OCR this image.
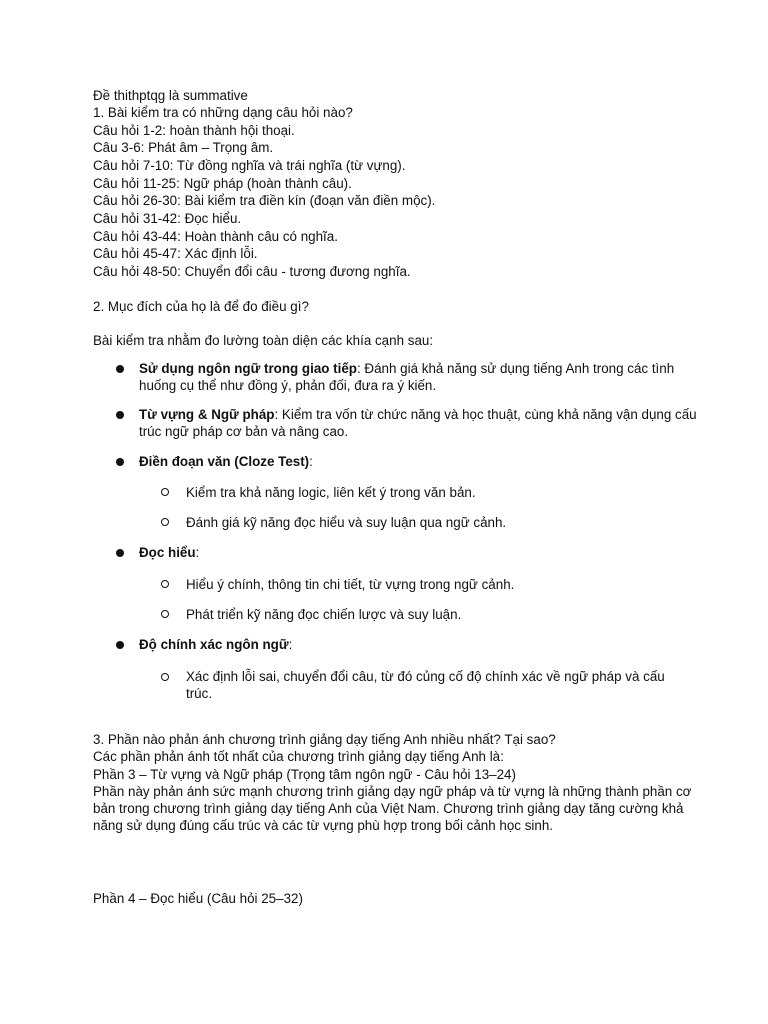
Đề thithptqg là summative
1. Bài kiểm tra có những dạng câu hỏi nào?
Câu hỏi 1-2: hoàn thành hội thoại.
Câu 3-6: Phát âm – Trọng âm.
Câu hỏi 7-10: Từ đồng nghĩa và trái nghĩa (từ vựng).
Câu hỏi 11-25: Ngữ pháp (hoàn thành câu).
Câu hỏi 26-30: Bài kiểm tra điền kín (đoạn văn điền mộc).
Câu hỏi 31-42: Đọc hiểu.
Câu hỏi 43-44: Hoàn thành câu có nghĩa.
Câu hỏi 45-47: Xác định lỗi.
Câu hỏi 48-50: Chuyển đổi câu - tương đương nghĩa.
2. Mục đích của họ là để đo điều gì?
Bài kiểm tra nhằm đo lường toàn diện các khía cạnh sau:
Sử dụng ngôn ngữ trong giao tiếp: Đánh giá khả năng sử dụng tiếng Anh trong các tình huống cụ thể như đồng ý, phản đối, đưa ra ý kiến.
Từ vựng & Ngữ pháp: Kiểm tra vốn từ chức năng và học thuật, cùng khả năng vận dụng cấu trúc ngữ pháp cơ bản và nâng cao.
Điền đoạn văn (Cloze Test):
Kiểm tra khả năng logic, liên kết ý trong văn bản.
Đánh giá kỹ năng đọc hiểu và suy luận qua ngữ cảnh.
Đọc hiểu:
Hiểu ý chính, thông tin chi tiết, từ vựng trong ngữ cảnh.
Phát triển kỹ năng đọc chiến lược và suy luận.
Độ chính xác ngôn ngữ:
Xác định lỗi sai, chuyển đổi câu, từ đó củng cố độ chính xác về ngữ pháp và cấu trúc.
3. Phần nào phản ánh chương trình giảng dạy tiếng Anh nhiều nhất? Tại sao?
Các phần phản ánh tốt nhất của chương trình giảng dạy tiếng Anh là:
Phần 3 – Từ vựng và Ngữ pháp (Trọng tâm ngôn ngữ - Câu hỏi 13–24)
Phần này phản ánh sức mạnh chương trình giảng dạy ngữ pháp và từ vựng là những thành phần cơ bản trong chương trình giảng dạy tiếng Anh của Việt Nam. Chương trình giảng dạy tăng cường khả năng sử dụng đúng cấu trúc và các từ vựng phù hợp trong bối cảnh học sinh.
Phần 4 – Đọc hiểu (Câu hỏi 25–32)
